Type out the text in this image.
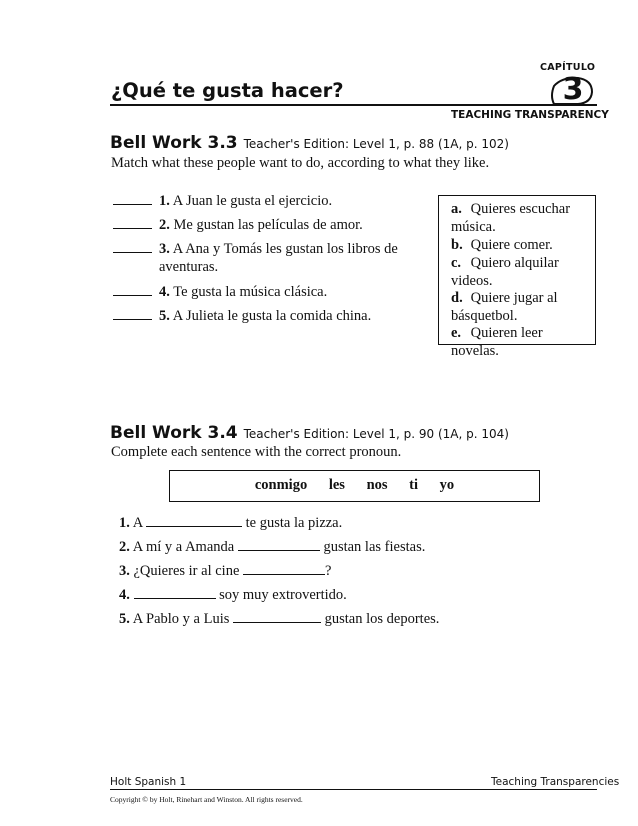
CAPÍTULO
¿Qué te gusta hacer?	3
TEACHING TRANSPARENCY
Bell Work 3.3 Teacher's Edition: Level 1, p. 88 (1A, p. 102)
Match what these people want to do, according to what they like.
1. A Juan le gusta el ejercicio.
2. Me gustan las películas de amor.
3. A Ana y Tomás les gustan los libros de aventuras.
4. Te gusta la música clásica.
5. A Julieta le gusta la comida china.
a. Quieres escuchar música.
b. Quiere comer.
c. Quiero alquilar videos.
d. Quiere jugar al básquetbol.
e. Quieren leer novelas.
Bell Work 3.4 Teacher's Edition: Level 1, p. 90 (1A, p. 104)
Complete each sentence with the correct pronoun.
conmigo les nos ti yo
1. A	te gusta la pizza.
2. A mí y a Amanda	gustan las fiestas.
3. ¿Quieres ir al cine	?
4.	soy muy extrovertido.
5. A Pablo y a Luis	gustan los deportes.
Holt Spanish 1	Teaching Transparencies
Copyright © by Holt, Rinehart and Winston. All rights reserved.
